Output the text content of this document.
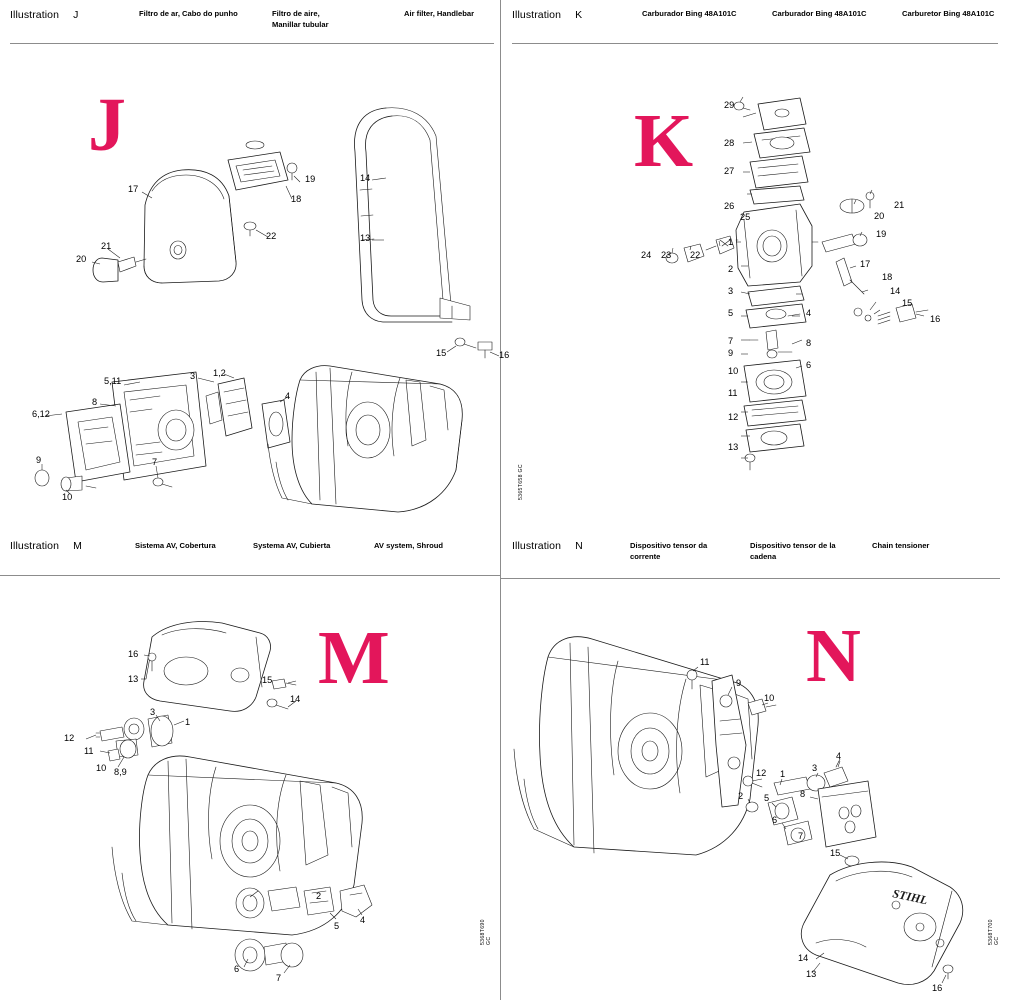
Illustration J	Filtro de ar, Cabo do punho	Filtro de aire,
Manillar tubular
Air filter, Handlebar
J
17
19
18
22
21
20
14
13
15	16
5,11	3 1,2
4
8
6,12
9	7
10
Illustration K	Carburador Bing 48A101C	Carburador Bing 48A101C	Carburetor Bing 48A101C
K	29
28
27
26
25
24 23 22
21
20
19
18
17
16
15
14
13
12
11
10
9
6
7	8
5	4
3
2
1
5365T658 GC
Illustration M	Sistema AV, Cobertura	Systema AV, Cubierta	AV system, Shroud
M
16
13	15
14
3
1
12
11
10 8,9
2
6
7
4
5	5368T690 GC
Illustration N	Dispositivo tensor da
corrente
Dispositivo tensor de la
cadena
Chain tensioner
N
STIHL
11
9
10
12 1
3
4
2 5
6
8
15
7
16
14
13
5368T700 GC
